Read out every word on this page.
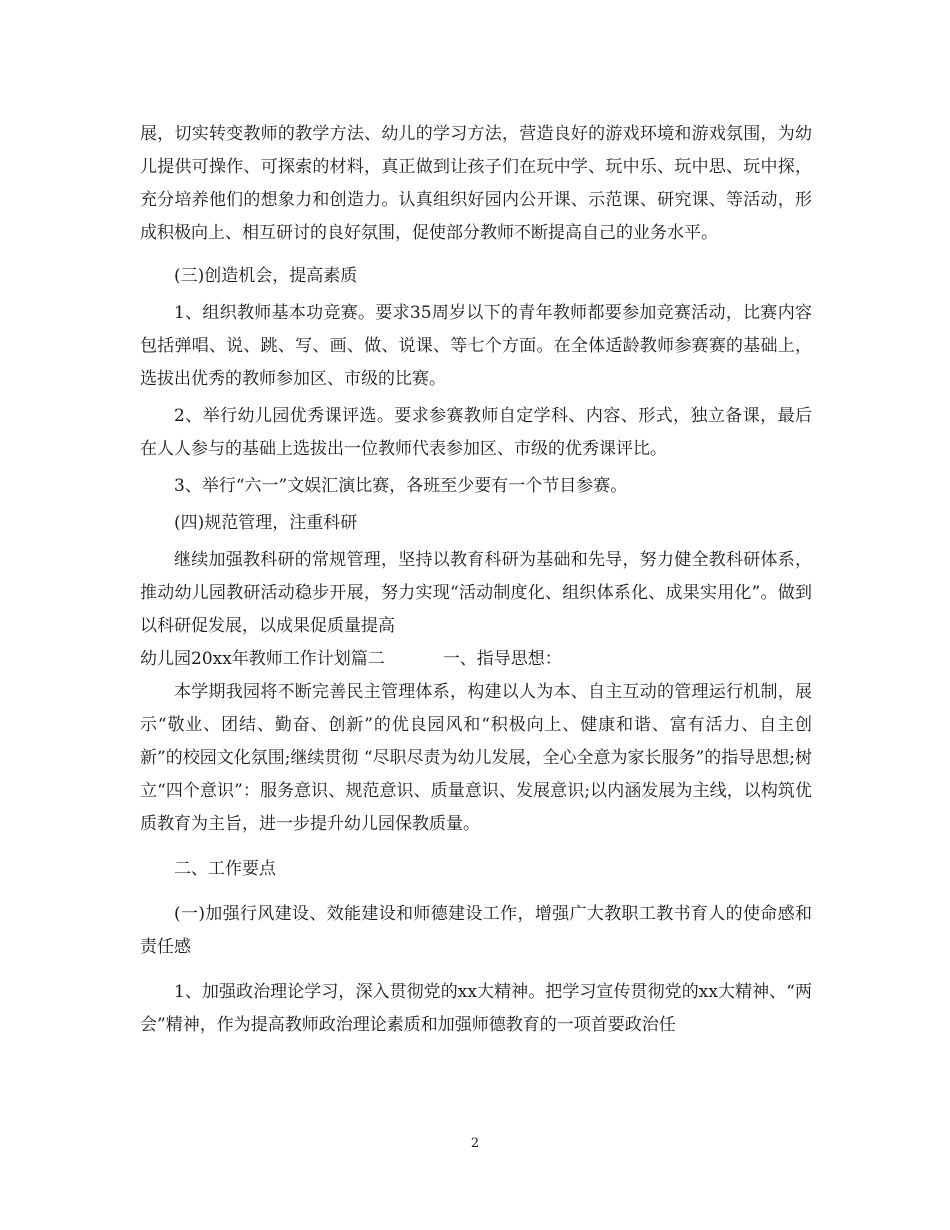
展，切实转变教师的教学方法、幼儿的学习方法，营造良好的游戏环境和游戏氛围，为幼儿提供可操作、可探索的材料，真正做到让孩子们在玩中学、玩中乐、玩中思、玩中探，充分培养他们的想象力和创造力。认真组织好园内公开课、示范课、研究课、等活动，形成积极向上、相互研讨的良好氛围，促使部分教师不断提高自己的业务水平。

(三)创造机会，提高素质

1、组织教师基本功竞赛。要求35周岁以下的青年教师都要参加竞赛活动，比赛内容包括弹唱、说、跳、写、画、做、说课、等七个方面。在全体适龄教师参赛赛的基础上，选拔出优秀的教师参加区、市级的比赛。

2、举行幼儿园优秀课评选。要求参赛教师自定学科、内容、形式，独立备课，最后在人人参与的基础上选拔出一位教师代表参加区、市级的优秀课评比。

3、举行“六一”文娱汇演比赛，各班至少要有一个节目参赛。

(四)规范管理，注重科研

继续加强教科研的常规管理，坚持以教育科研为基础和先导，努力健全教科研体系，推动幼儿园教研活动稳步开展，努力实现“活动制度化、组织体系化、成果实用化”。做到以科研促发展，以成果促质量提高

幼儿园20xx年教师工作计划篇二	一、指导思想：

本学期我园将不断完善民主管理体系，构建以人为本、自主互动的管理运行机制，展示“敬业、团结、勤奋、创新”的优良园风和“积极向上、健康和谐、富有活力、自主创新”的校园文化氛围;继续贯彻 “尽职尽责为幼儿发展，全心全意为家长服务”的指导思想;树立“四个意识”：服务意识、规范意识、质量意识、发展意识;以内涵发展为主线，以构筑优质教育为主旨，进一步提升幼儿园保教质量。

二、工作要点

(一)加强行风建设、效能建设和师德建设工作，增强广大教职工教书育人的使命感和责任感

1、加强政治理论学习，深入贯彻党的xx大精神。把学习宣传贯彻党的xx大精神、“两会”精神，作为提高教师政治理论素质和加强师德教育的一项首要政治任

2
